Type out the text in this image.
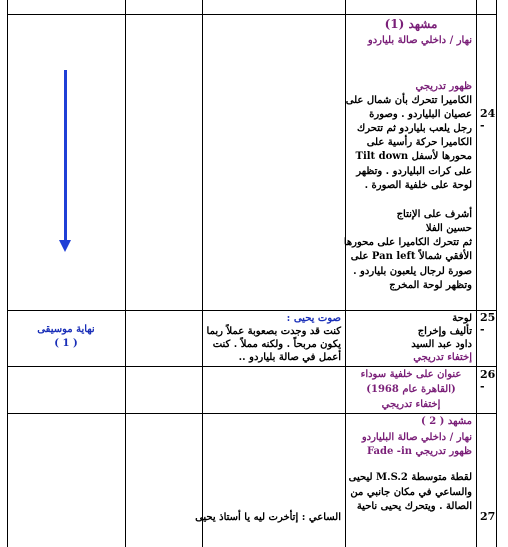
24
-
مشهد (1)
نهار / داخلي صالة بلياردو
ظهور تدريجي
الكاميرا تتحرك بأن شمال على
عصيان البلياردو . وصورة
رجل يلعب بلياردو ثم تتحرك
الكاميرا حركة رأسية على
محورها لأسفل Tilt down
على كرات البلياردو . وتظهر
لوحة على خلفية الصورة .
أشرف على الإنتاج
حسين الفلا
ثم تتحرك الكاميرا على محورها
الأفقي شمالاً Pan left على
صورة لرجال يلعبون بلياردو .
وتظهر لوحة المخرج
25
-
لوحة
تأليف وإخراج
داود عبد السيد
إختفاء تدريجي
صوت يحيى :
كنت قد وجدت بصعوبة عملاً ربما
يكون مربحاً . ولكنه مملاً . كنت
أعمل في صالة بلياردو ..
نهاية موسيقى
( 1 )
26
-
عنوان على خلفية سوداء
(القاهرة عام 1968)
إختفاء تدريجي
27
مشهد ( 2 )
نهار / داخلي صالة البلياردو
ظهور تدريجي Fade -in
لقطة متوسطة M.S.2 ليحيى
والساعي في مكان جانبي من
الصالة . ويتحرك يحيى ناحية
الساعي : إتأخرت ليه يا أستاذ يحيى
